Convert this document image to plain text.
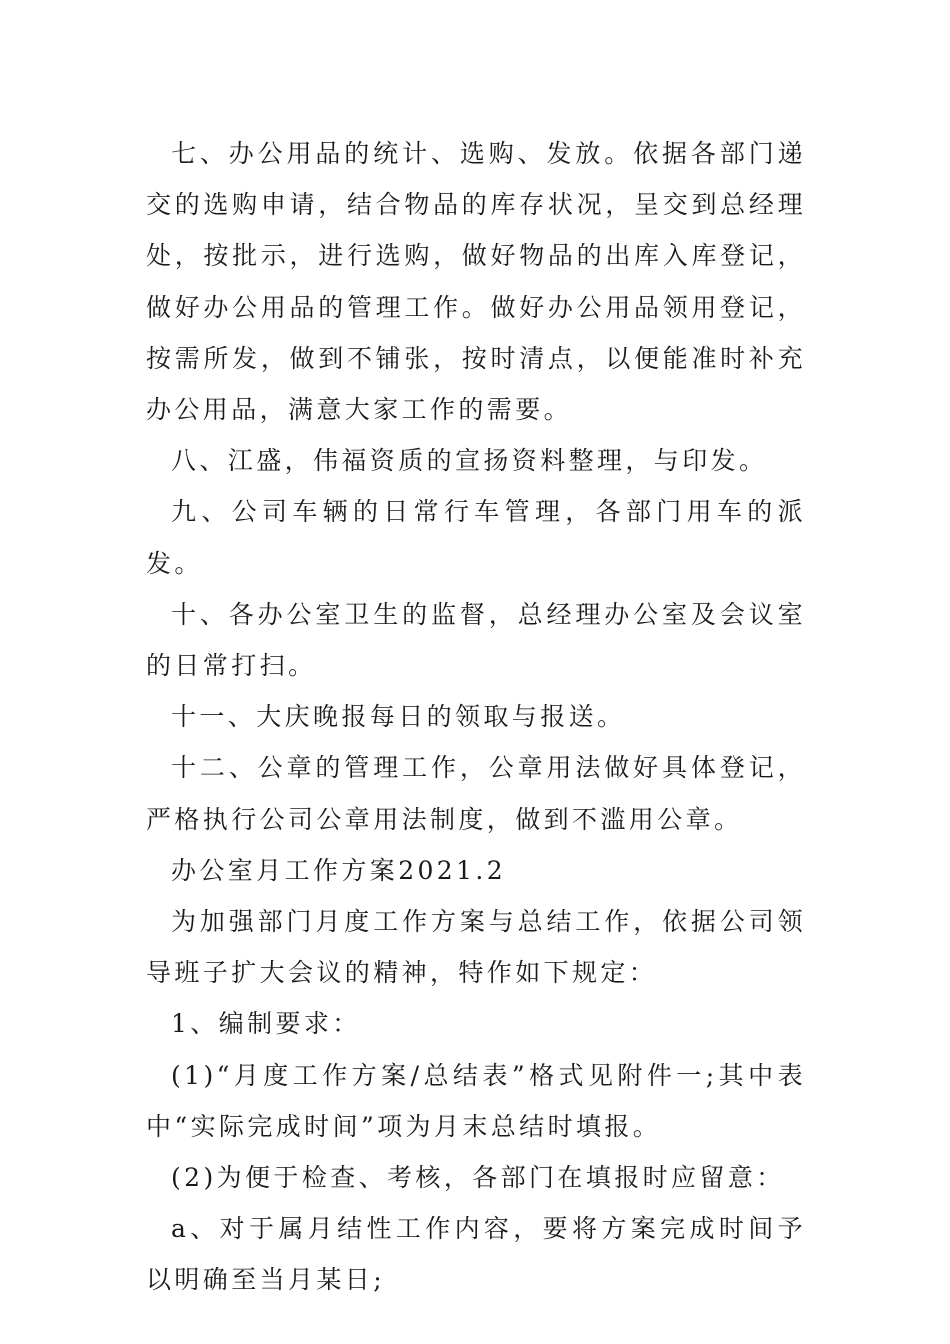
七、办公用品的统计、选购、发放。依据各部门递交的选购申请，结合物品的库存状况，呈交到总经理处，按批示，进行选购，做好物品的出库入库登记，做好办公用品的管理工作。做好办公用品领用登记，按需所发，做到不铺张，按时清点，以便能准时补充办公用品，满意大家工作的需要。

八、江盛，伟福资质的宣扬资料整理，与印发。

九、公司车辆的日常行车管理，各部门用车的派发。

十、各办公室卫生的监督，总经理办公室及会议室的日常打扫。

十一、大庆晚报每日的领取与报送。

十二、公章的管理工作，公章用法做好具体登记，严格执行公司公章用法制度，做到不滥用公章。

办公室月工作方案2021.2

为加强部门月度工作方案与总结工作，依据公司领导班子扩大会议的精神，特作如下规定：

1、编制要求：

(1)“月度工作方案/总结表”格式见附件一;其中表中“实际完成时间”项为月末总结时填报。

(2)为便于检查、考核，各部门在填报时应留意：

a、对于属月结性工作内容，要将方案完成时间予以明确至当月某日;
